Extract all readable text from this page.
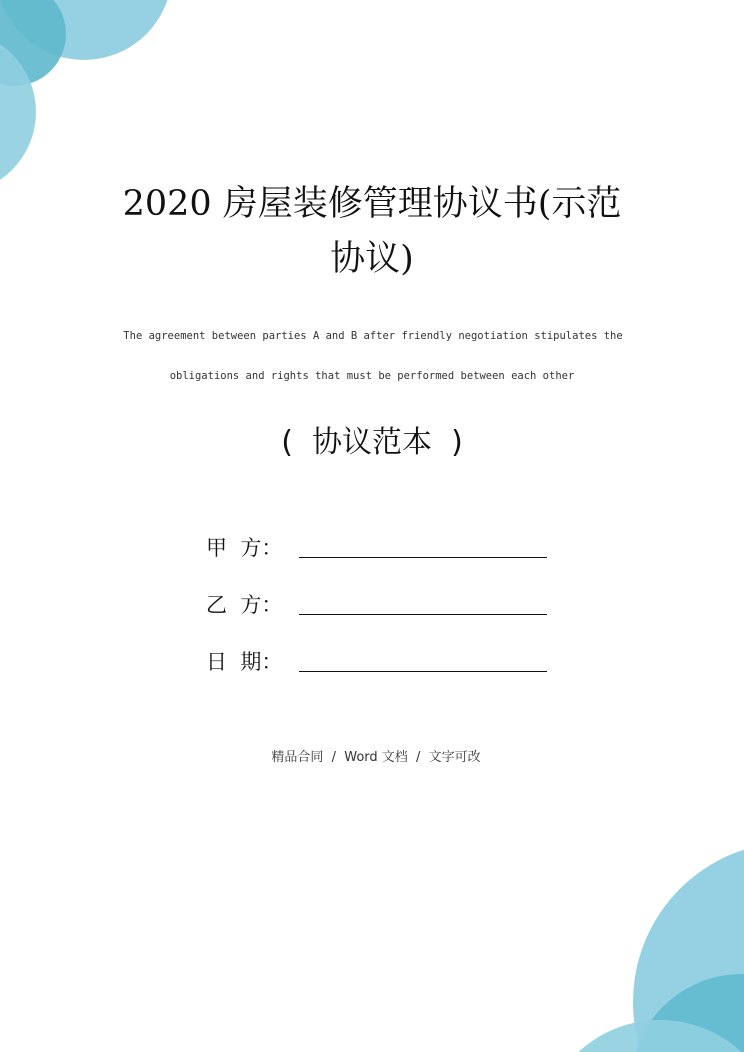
2020 房屋装修管理协议书(示范
协议)
The agreement between parties A and B after friendly negotiation stipulates the
obligations and rights that must be performed between each other
(  协议范本  )
甲  方：
乙  方：
日  期：
精品合同  /  Word 文档  /  文字可改
